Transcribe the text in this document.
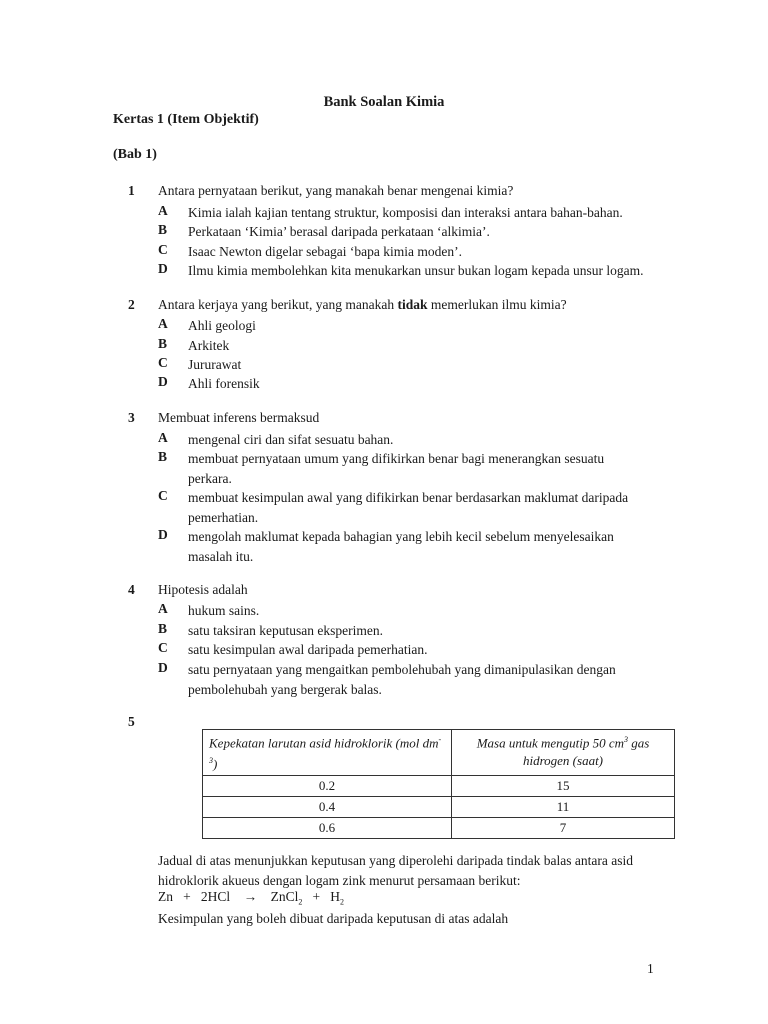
Bank Soalan Kimia
Kertas 1 (Item Objektif)
(Bab 1)
1 Antara pernyataan berikut, yang manakah benar mengenai kimia?
A Kimia ialah kajian tentang struktur, komposisi dan interaksi antara bahan-bahan.
B Perkataan ‘Kimia’ berasal daripada perkataan ‘alkimia’.
C Isaac Newton digelar sebagai ‘bapa kimia moden’.
D Ilmu kimia membolehkan kita menukarkan unsur bukan logam kepada unsur logam.
2 Antara kerjaya yang berikut, yang manakah tidak memerlukan ilmu kimia?
A Ahli geologi
B Arkitek
C Jururawat
D Ahli forensik
3 Membuat inferens bermaksud
A mengenal ciri dan sifat sesuatu bahan.
B membuat pernyataan umum yang difikirkan benar bagi menerangkan sesuatu perkara.
C membuat kesimpulan awal yang difikirkan benar berdasarkan maklumat daripada pemerhatian.
D mengolah maklumat kepada bahagian yang lebih kecil sebelum menyelesaikan masalah itu.
4 Hipotesis adalah
A hukum sains.
B satu taksiran keputusan eksperimen.
C satu kesimpulan awal daripada pemerhatian.
D satu pernyataan yang mengaitkan pembolehubah yang dimanipulasikan dengan pembolehubah yang bergerak balas.
5
Kepekatan larutan asid hidroklorik (mol $dm^{-3}$)	Masa untuk mengutip 50 $cm^3$ gas hidrogen (saat)
0.2	15
0.4	11
0.6	7
Jadual di atas menunjukkan keputusan yang diperolehi daripada tindak balas antara asid hidroklorik akueus dengan logam zink menurut persamaan berikut:
Zn + 2HCl → ZnCl$_2$ + $H_2$
Kesimpulan yang boleh dibuat daripada keputusan di atas adalah
1
